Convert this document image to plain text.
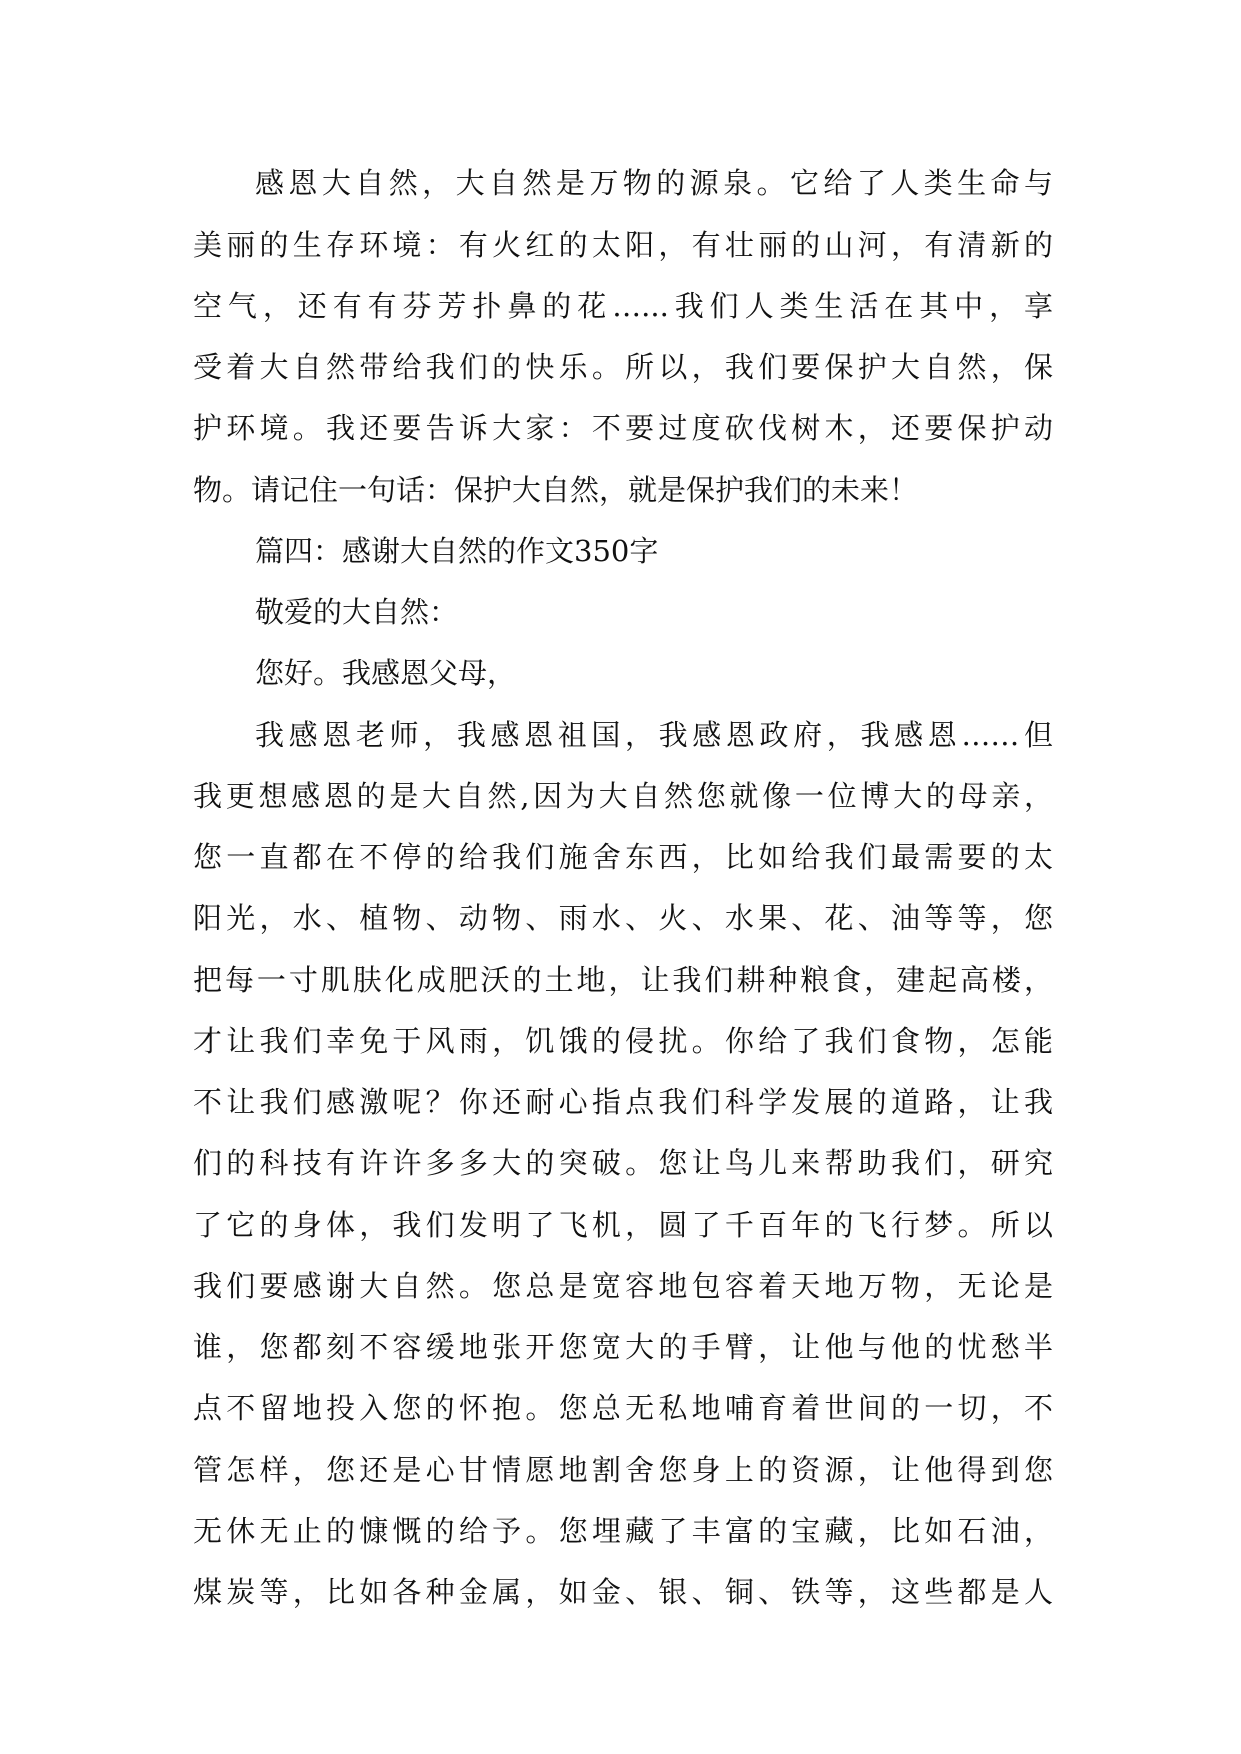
感恩大自然，大自然是万物的源泉。它给了人类生命与
美丽的生存环境：有火红的太阳，有壮丽的山河，有清新的
空气，还有有芬芳扑鼻的花…...我们人类生活在其中，享
受着大自然带给我们的快乐。所以，我们要保护大自然，保
护环境。我还要告诉大家：不要过度砍伐树木，还要保护动
物。请记住一句话：保护大自然，就是保护我们的未来！
篇四：感谢大自然的作文350字
敬爱的大自然：
您好。我感恩父母，
我感恩老师，我感恩祖国，我感恩政府，我感恩……但
我更想感恩的是大自然,因为大自然您就像一位博大的母亲，
您一直都在不停的给我们施舍东西，比如给我们最需要的太
阳光，水、植物、动物、雨水、火、水果、花、油等等，您
把每一寸肌肤化成肥沃的土地，让我们耕种粮食，建起高楼，
才让我们幸免于风雨，饥饿的侵扰。你给了我们食物，怎能
不让我们感激呢？你还耐心指点我们科学发展的道路，让我
们的科技有许许多多大的突破。您让鸟儿来帮助我们，研究
了它的身体，我们发明了飞机，圆了千百年的飞行梦。所以
我们要感谢大自然。您总是宽容地包容着天地万物，无论是
谁，您都刻不容缓地张开您宽大的手臂，让他与他的忧愁半
点不留地投入您的怀抱。您总无私地哺育着世间的一切，不
管怎样，您还是心甘情愿地割舍您身上的资源，让他得到您
无休无止的慷慨的给予。您埋藏了丰富的宝藏，比如石油，
煤炭等，比如各种金属，如金、银、铜、铁等，这些都是人
